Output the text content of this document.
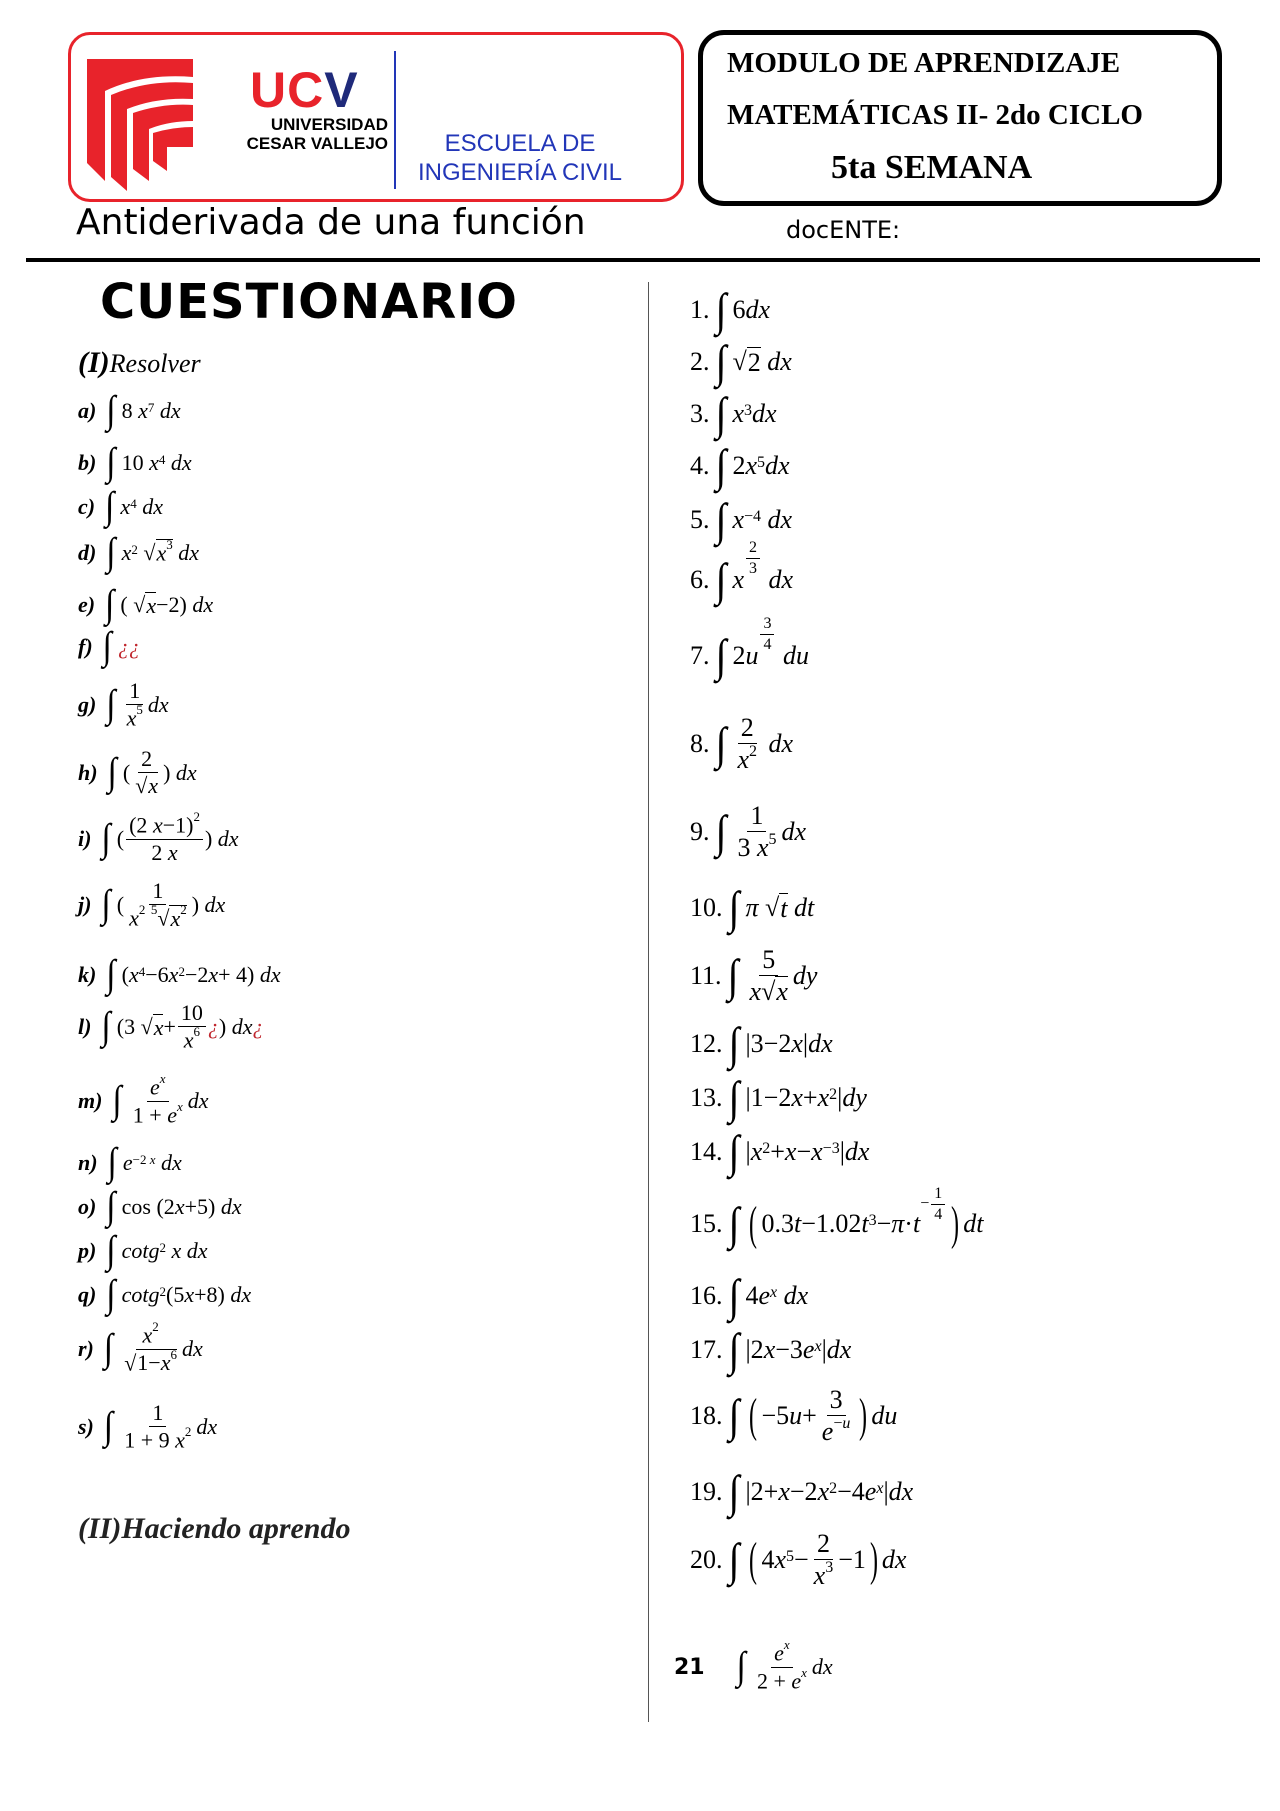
UCV
UNIVERSIDAD
CESAR VALLEJO	ESCUELA DE
INGENIERÍA CIVIL
MODULO DE APRENDIZAJE
MATEMÁTICAS II- 2do CICLO
5ta SEMANA
Antiderivada de una función	docENTE:
CUESTIONARIO
(I)Resolver
a) ∫ 8 x 7
dx
b) ∫ 10 x 4
dx
c) ∫ x 4
dx
d) ∫ x 2 √ $x^3$
dx
e) ∫ ( √ x −2) dx
f) ∫ ¿¿
g) ∫ $\frac{1}{x^5}$ dx
h) ∫ ( $\frac{2}{√x}$ ) dx
i) ∫ ( $\frac{(2 x-1)^2}{2 x}$ ) dx
j) ∫ ( $\frac{1}{x^2 ^5√x^2}$ ) dx
k) ∫ ( x 4 −6 x 2 −2 x + 4) dx
l) ∫ (3 √ $x + \frac{10}{x^6}$ ¿ ) dx ¿
m) ∫ $\frac{e^x}{1 + e^x}$ dx
n) ∫ e −2 x
dx
o) ∫ cos (2 x +5) dx
p) ∫ cotg 2
x dx
q) ∫ cotg 2 (5 x +8) dx
r) ∫ $\frac{x^2}{√1-x^6}$ dx
s) ∫ $\frac{1}{1 + 9 x^2}$ dx
(II)Haciendo aprendo
1. ∫ 6 dx
2. ∫ √ 2
dx
3. ∫ x 3 dx
4. ∫ 2 x 5 dx
5. ∫ x −4
dx
6. ∫ x
$\frac{2}{3}$

dx
7. ∫ 2 u
$\frac{3}{4}$

du
8. ∫ $\frac{2}{x^2}$
dx
9. ∫ $\frac{1}{3 x^5}$ dx
10. ∫ π √ t
dt
11. ∫ $\frac{5}{x√x}$ dy
12. ∫ |3−2 x | dx
13. ∫ |1−2 x + x 2 | dy
14. ∫ | x 2 + x − x −3 | dx
15. ∫ ( 0.3 t −1.02 t 3 − π · t
− $\frac{1}{4}$ ) dt
16. ∫ 4 e x
dx
17. ∫ |2 x −3 e x | dx
18. ∫ ( −5 $u + \frac{3}{e^{-u}}$ ) du
19. ∫ |2+ x −2 x 2 −4 e x | dx
20. ∫ ( 4 x $5 - \frac{2}{x^3} -1$ ) dx
21 ∫ $\frac{e^x}{2 + e^x}$ dx
